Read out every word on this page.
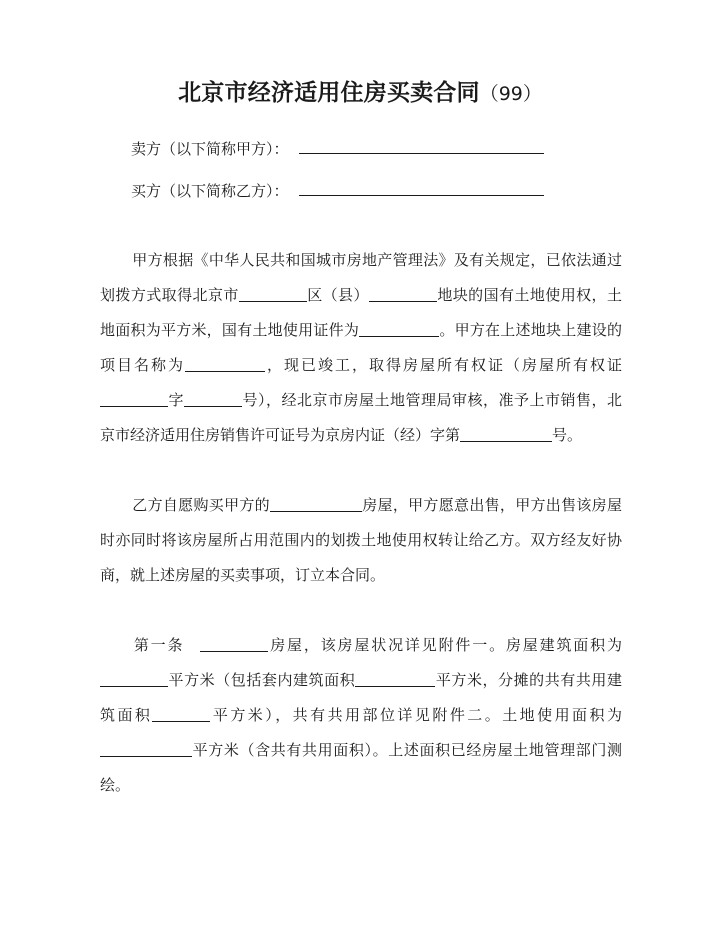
北京市经济适用住房买卖合同（99）
卖方（以下简称甲方）：
买方（以下简称乙方）：

甲方根据《中华人民共和国城市房地产管理法》及有关规定，已依法通过划拨方式取得北京市	区（县）	地块的国有土地使用权，土地面积为平方米，国有土地使用证件为	。甲方在上述地块上建设的项目名称为	，现已竣工，取得房屋所有权证（房屋所有权证字	号），经北京市房屋土地管理局审核，准予上市销售，北京市经济适用住房销售许可证号为京房内证（经）字第	号。

乙方自愿购买甲方的	房屋，甲方愿意出售，甲方出售该房屋时亦同时将该房屋所占用范围内的划拨土地使用权转让给乙方。双方经友好协商，就上述房屋的买卖事项，订立本合同。

第一条	房屋，该房屋状况详见附件一。房屋建筑面积为平方米（包括套内建筑面积	平方米，分摊的共有共用建筑面积	平方米），共有共用部位详见附件二。土地使用面积为平方米（含共有共用面积）。上述面积已经房屋土地管理部门测绘。
